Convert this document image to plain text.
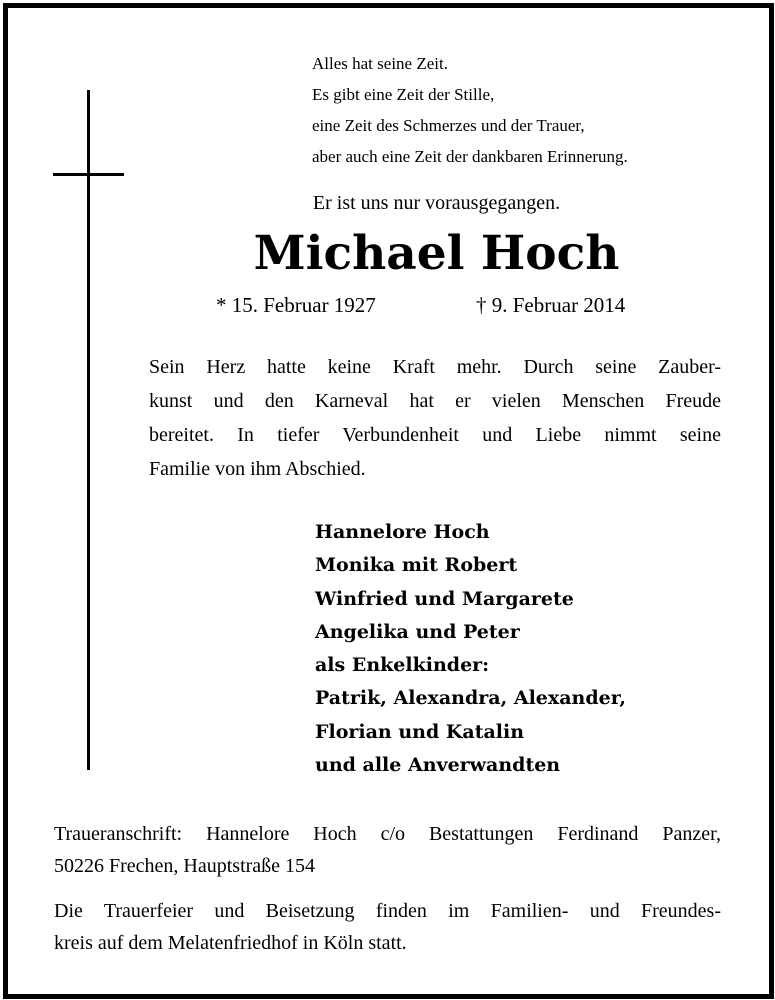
Alles hat seine Zeit.
Es gibt eine Zeit der Stille,
eine Zeit des Schmerzes und der Trauer,
aber auch eine Zeit der dankbaren Erinnerung.
Er ist uns nur vorausgegangen.
Michael Hoch
* 15. Februar 1927	† 9. Februar 2014
Sein Herz hatte keine Kraft mehr. Durch seine Zauber-
kunst und den Karneval hat er vielen Menschen Freude
bereitet. In tiefer Verbundenheit und Liebe nimmt seine
Familie von ihm Abschied.
Hannelore Hoch
Monika mit Robert
Winfried und Margarete
Angelika und Peter
als Enkelkinder:
Patrik, Alexandra, Alexander,
Florian und Katalin
und alle Anverwandten
Traueranschrift: Hannelore Hoch c/o Bestattungen Ferdinand Panzer,
50226 Frechen, Hauptstraße 154
Die Trauerfeier und Beisetzung finden im Familien- und Freundes-
kreis auf dem Melatenfriedhof in Köln statt.
